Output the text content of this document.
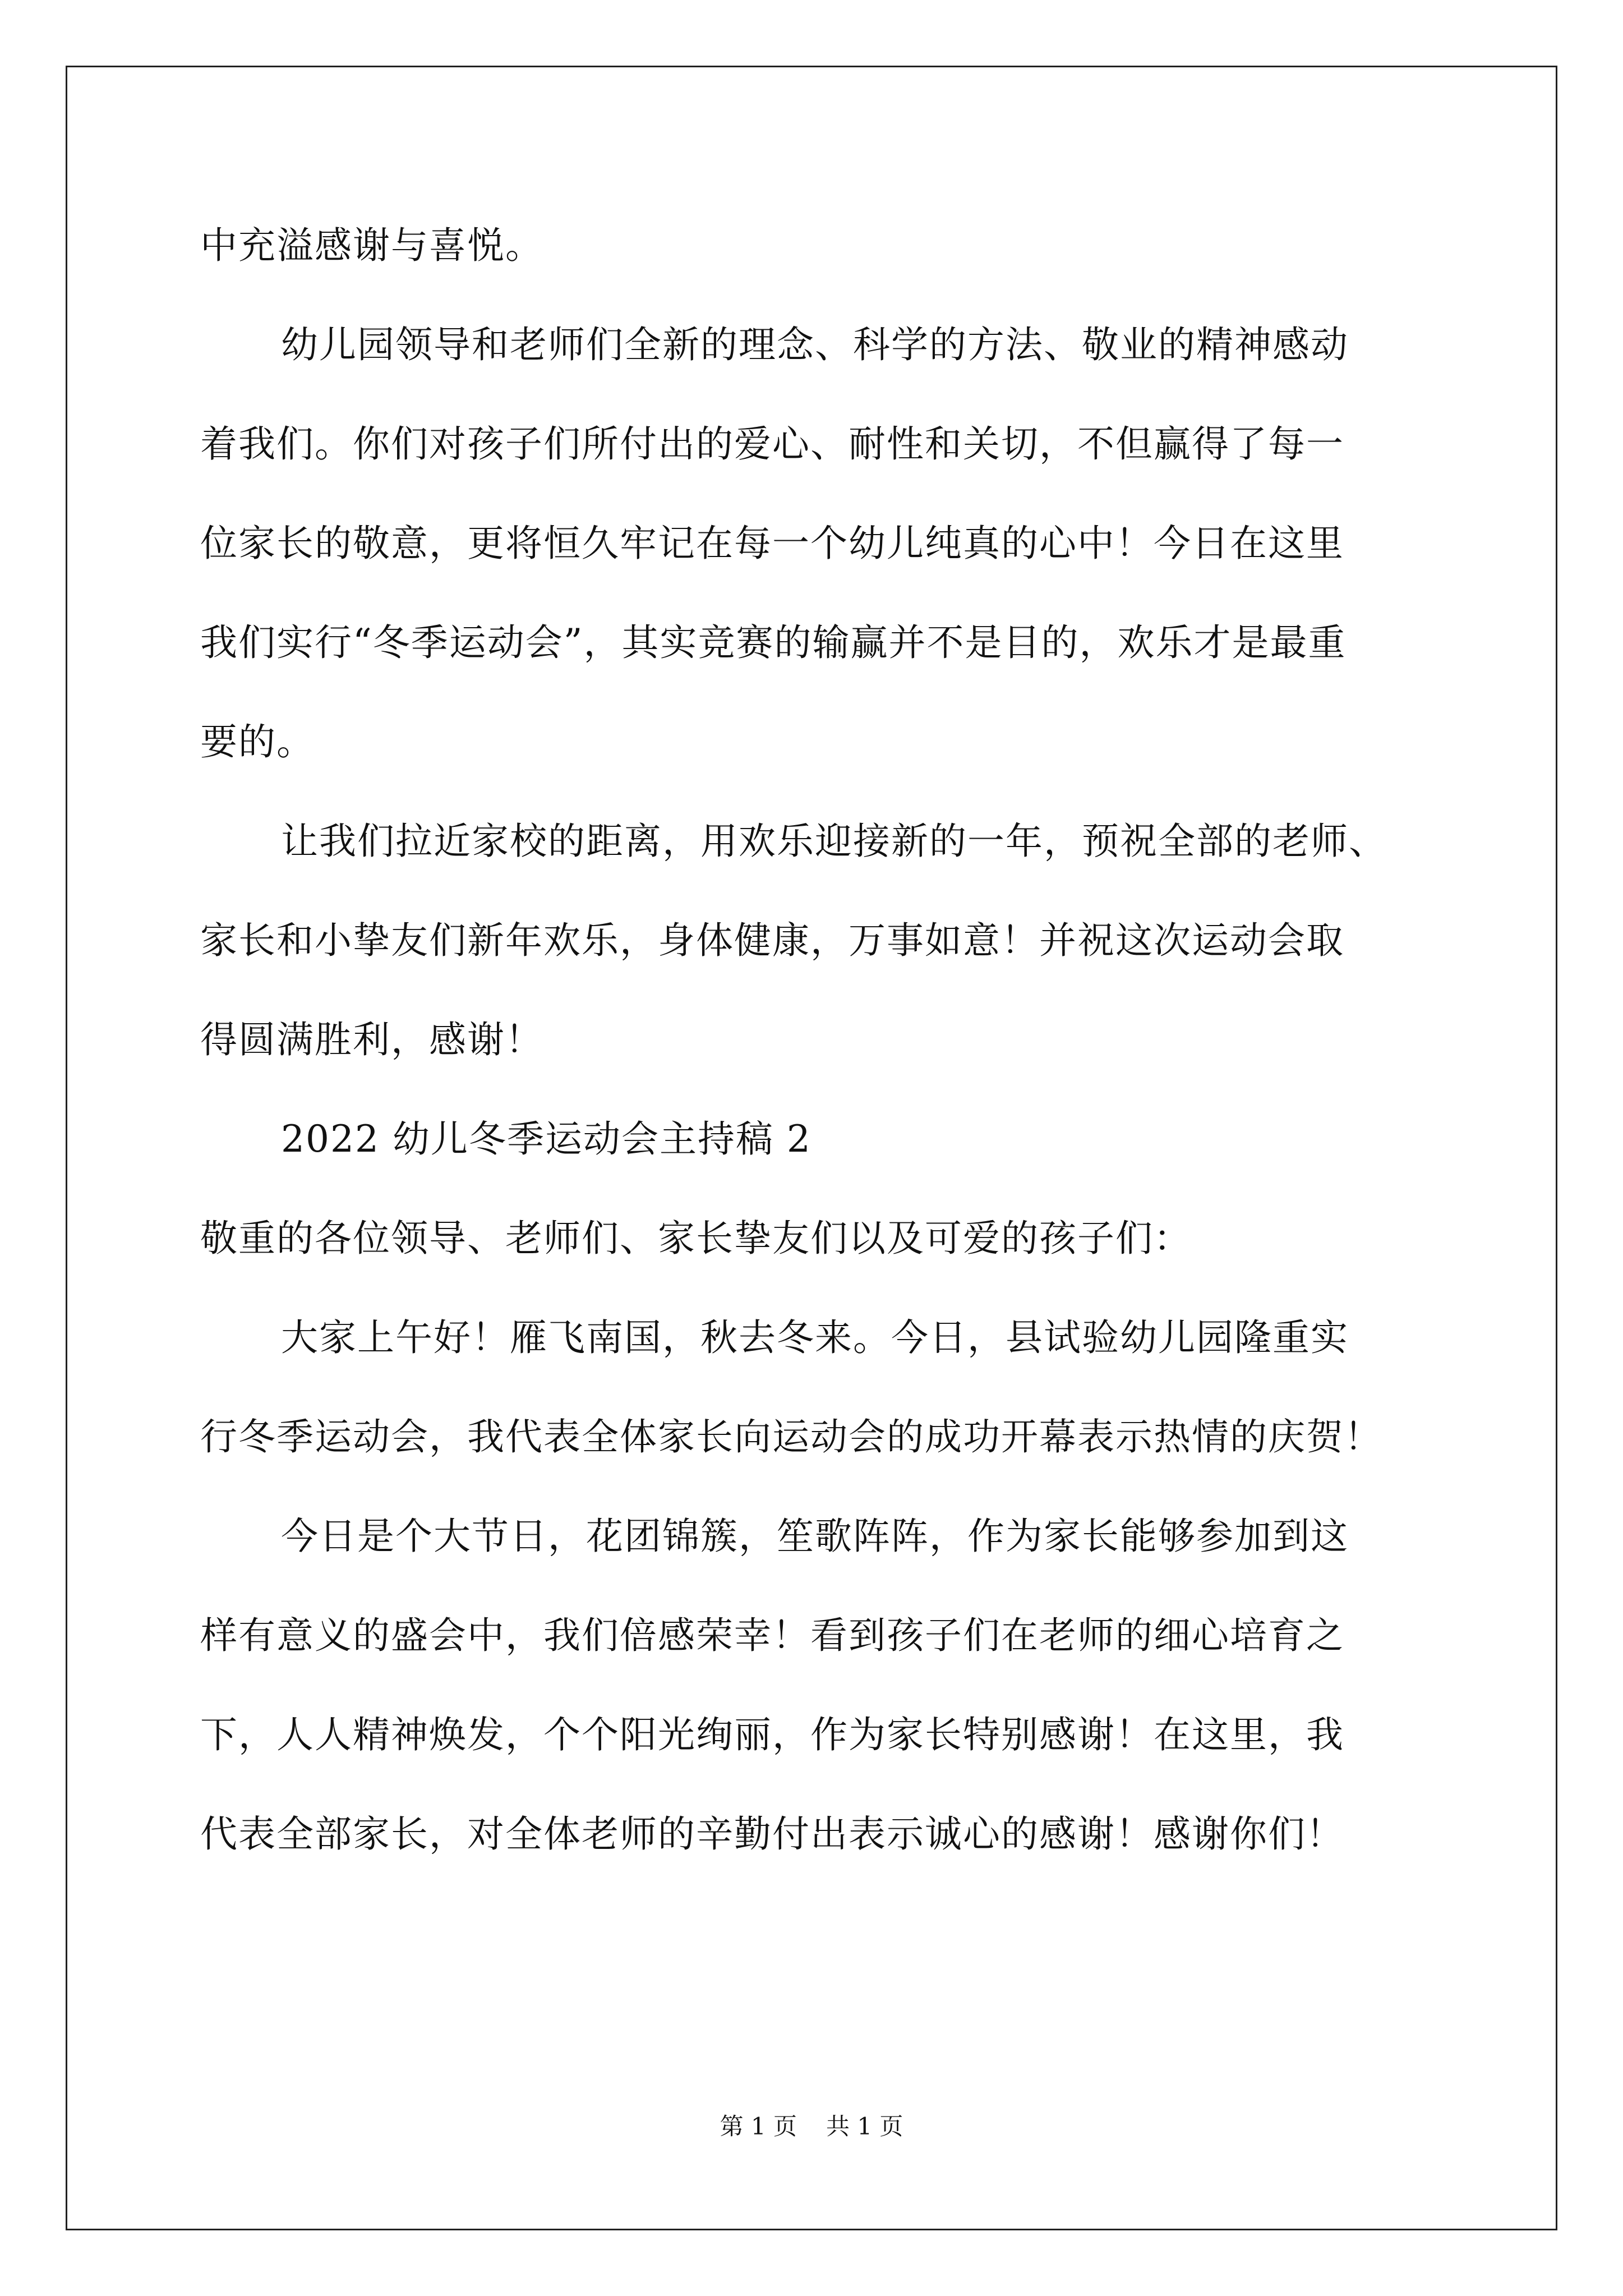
中充溢感谢与喜悦。
幼儿园领导和老师们全新的理念、科学的方法、敬业的精神感动
着我们。你们对孩子们所付出的爱心、耐性和关切，不但赢得了每一
位家长的敬意，更将恒久牢记在每一个幼儿纯真的心中！今日在这里
我们实行“冬季运动会”，其实竞赛的输赢并不是目的，欢乐才是最重
要的。
让我们拉近家校的距离，用欢乐迎接新的一年，预祝全部的老师、
家长和小挚友们新年欢乐，身体健康，万事如意！并祝这次运动会取
得圆满胜利，感谢！
2022 幼儿冬季运动会主持稿 2
敬重的各位领导、老师们、家长挚友们以及可爱的孩子们：
大家上午好！雁飞南国，秋去冬来。今日，县试验幼儿园隆重实
行冬季运动会，我代表全体家长向运动会的成功开幕表示热情的庆贺！
今日是个大节日，花团锦簇，笙歌阵阵，作为家长能够参加到这
样有意义的盛会中，我们倍感荣幸！看到孩子们在老师的细心培育之
下，人人精神焕发，个个阳光绚丽，作为家长特别感谢！在这里，我
代表全部家长，对全体老师的辛勤付出表示诚心的感谢！感谢你们！
第 1 页 共 1 页
